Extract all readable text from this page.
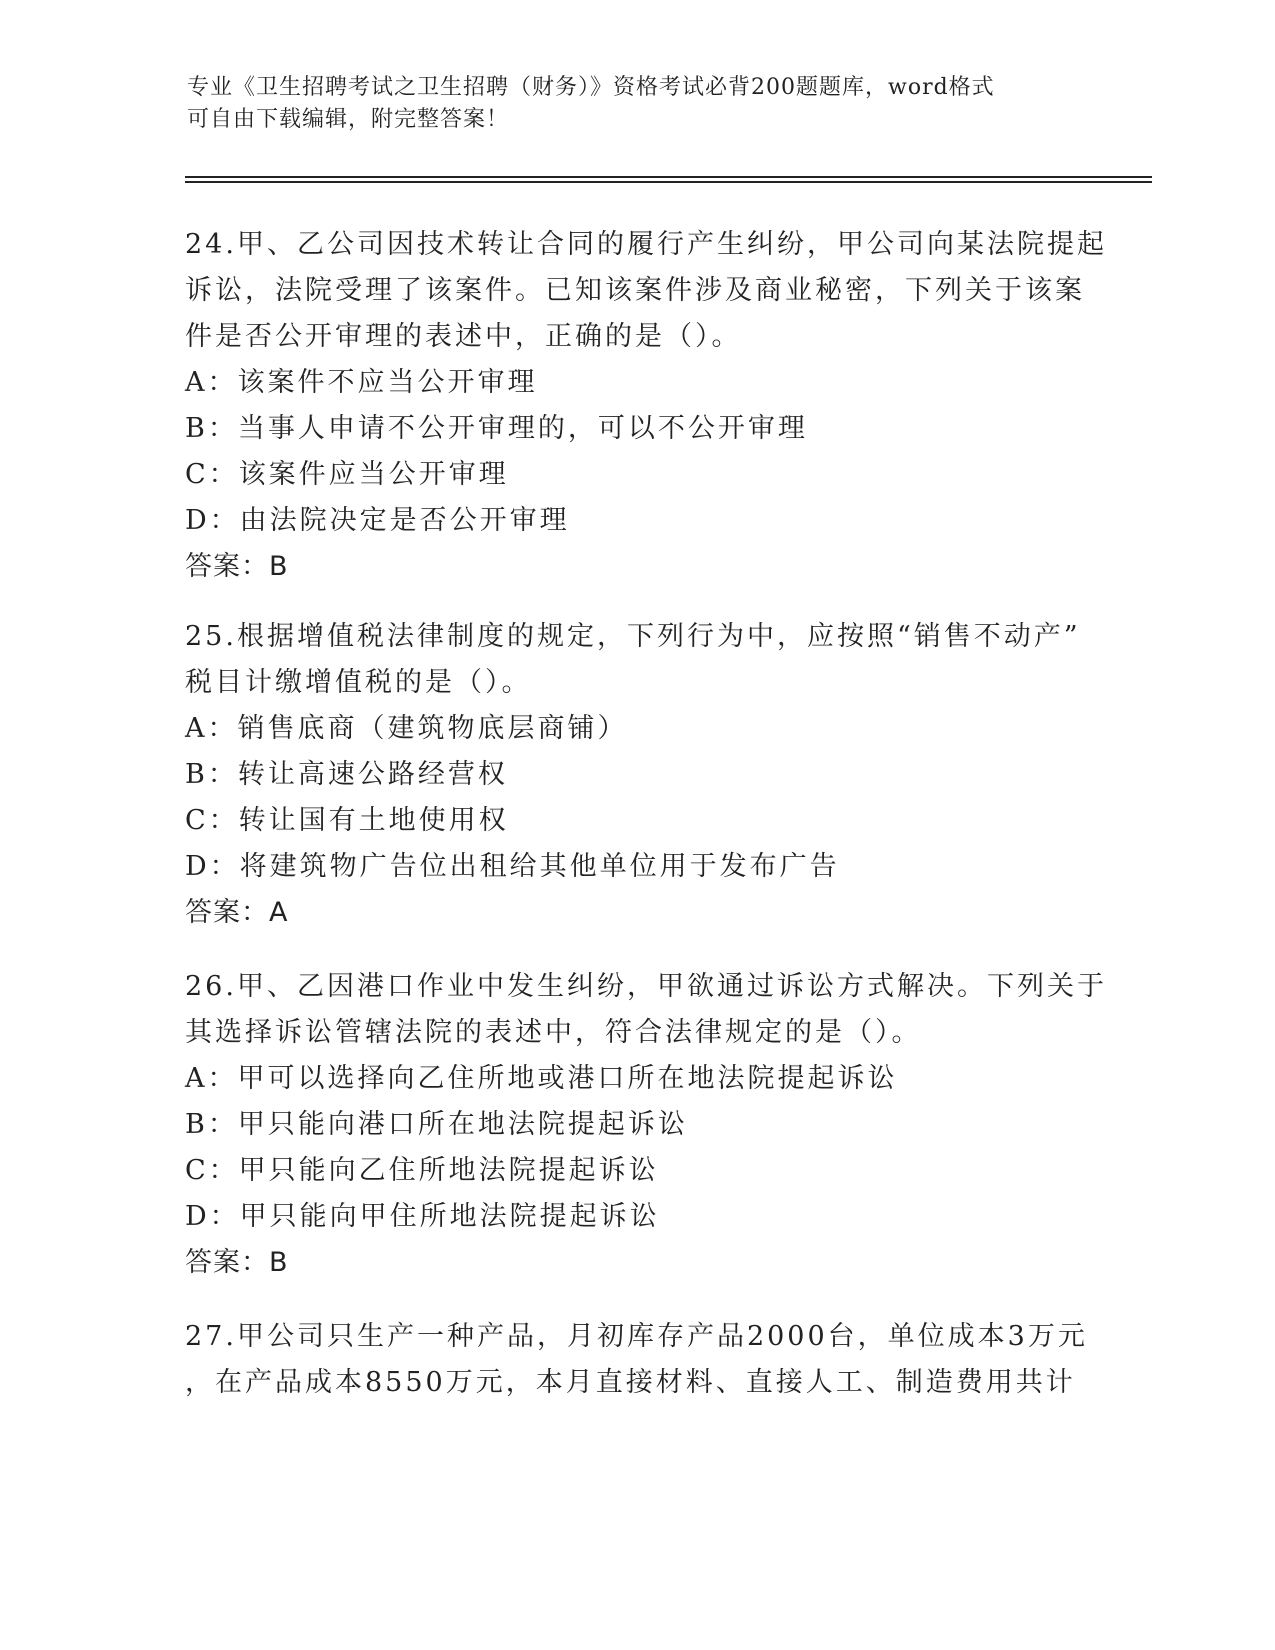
专业《卫生招聘考试之卫生招聘（财务）》资格考试必背200题题库，word格式
可自由下载编辑，附完整答案！
24.甲、乙公司因技术转让合同的履行产生纠纷，甲公司向某法院提起
诉讼，法院受理了该案件。已知该案件涉及商业秘密，下列关于该案
件是否公开审理的表述中，正确的是（）。
A：该案件不应当公开审理
B：当事人申请不公开审理的，可以不公开审理
C：该案件应当公开审理
D：由法院决定是否公开审理
答案：B
25.根据增值税法律制度的规定，下列行为中，应按照“销售不动产”
税目计缴增值税的是（）。
A：销售底商（建筑物底层商铺）
B：转让高速公路经营权
C：转让国有土地使用权
D：将建筑物广告位出租给其他单位用于发布广告
答案：A
26.甲、乙因港口作业中发生纠纷，甲欲通过诉讼方式解决。下列关于
其选择诉讼管辖法院的表述中，符合法律规定的是（）。
A：甲可以选择向乙住所地或港口所在地法院提起诉讼
B：甲只能向港口所在地法院提起诉讼
C：甲只能向乙住所地法院提起诉讼
D：甲只能向甲住所地法院提起诉讼
答案：B
27.甲公司只生产一种产品，月初库存产品2000台，单位成本3万元
，在产品成本8550万元，本月直接材料、直接人工、制造费用共计
